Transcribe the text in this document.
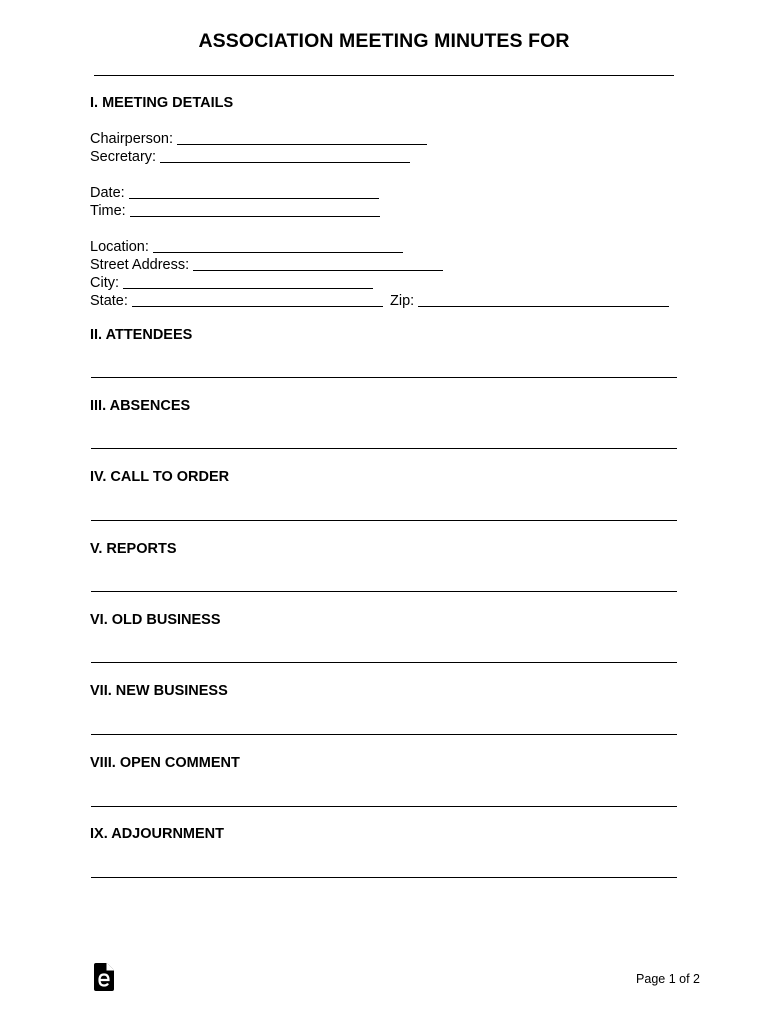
ASSOCIATION MEETING MINUTES FOR
I. MEETING DETAILS
Chairperson:
Secretary:
Date:
Time:
Location:
Street Address:
City:
State:	Zip:
II. ATTENDEES
III. ABSENCES
IV. CALL TO ORDER
V. REPORTS
VI. OLD BUSINESS
VII. NEW BUSINESS
VIII. OPEN COMMENT
IX. ADJOURNMENT
Page 1 of 2
